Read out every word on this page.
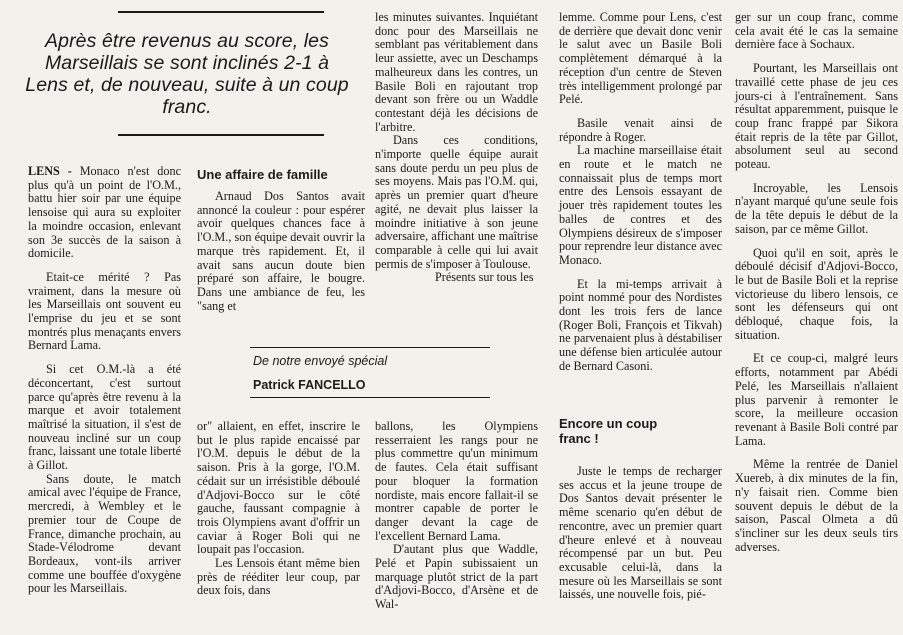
Après être revenus au score, les Marseillais se sont inclinés 2-1 à Lens et, de nouveau, suite à un coup franc.

LENS - Monaco n'est donc plus qu'à un point de l'O.M., battu hier soir par une équipe lensoise qui aura su exploiter la moindre occasion, enlevant son 3e succès de la saison à domicile.

Etait-ce mérité ? Pas vraiment, dans la mesure où les Marseillais ont souvent eu l'emprise du jeu et se sont montrés plus menaçants envers Bernard Lama.

Si cet O.M.-là a été déconcertant, c'est surtout parce qu'après être revenu à la marque et avoir totalement maîtrisé la situation, il s'est de nouveau incliné sur un coup franc, laissant une totale liberté à Gillot.

Sans doute, le match amical avec l'équipe de France, mercredi, à Wembley et le premier tour de Coupe de France, dimanche prochain, au Stade-Vélodrome devant Bordeaux, vont-ils arriver comme une bouffée d'oxygène pour les Marseillais.

Une affaire de famille

Arnaud Dos Santos avait annoncé la couleur : pour espérer avoir quelques chances face à l'O.M., son équipe devait ouvrir la marque très rapidement. Et, il avait sans aucun doute bien préparé son affaire, le bougre. Dans une ambiance de feu, les "sang et

les minutes suivantes. Inquiétant donc pour des Marseillais ne semblant pas véritablement dans leur assiette, avec un Deschamps malheureux dans les contres, un Basile Boli en rajoutant trop devant son frère ou un Waddle contestant déjà les décisions de l'arbitre.

Dans ces conditions, n'importe quelle équipe aurait sans doute perdu un peu plus de ses moyens. Mais pas l'O.M. qui, après un premier quart d'heure agité, ne devait plus laisser la moindre initiative à son jeune adversaire, affichant une maîtrise comparable à celle qui lui avait permis de s'imposer à Toulouse.

Présents sur tous les

De notre envoyé spécial
Patrick FANCELLO

or" allaient, en effet, inscrire le but le plus rapide encaissé par l'O.M. depuis le début de la saison. Pris à la gorge, l'O.M. cédait sur un irrésistible déboulé d'Adjovi-Bocco sur le côté gauche, faussant compagnie à trois Olympiens avant d'offrir un caviar à Roger Boli qui ne loupait pas l'occasion.

Les Lensois étant même bien près de rééditer leur coup, par deux fois, dans

ballons, les Olympiens resserraient les rangs pour ne plus commettre qu'un minimum de fautes. Cela était suffisant pour bloquer la formation nordiste, mais encore fallait-il se montrer capable de porter le danger devant la cage de l'excellent Bernard Lama.

D'autant plus que Waddle, Pelé et Papin subissaient un marquage plutôt strict de la part d'Adjovi-Bocco, d'Arsène et de Wal-

lemme. Comme pour Lens, c'est de derrière que devait donc venir le salut avec un Basile Boli complètement démarqué à la réception d'un centre de Steven très intelligemment prolongé par Pelé.

Basile venait ainsi de répondre à Roger.

La machine marseillaise était en route et le match ne connaissait plus de temps mort entre des Lensois essayant de jouer très rapidement toutes les balles de contres et des Olympiens désireux de s'imposer pour reprendre leur distance avec Monaco.

Et la mi-temps arrivait à point nommé pour des Nordistes dont les trois fers de lance (Roger Boli, François et Tikvah) ne parvenaient plus à déstabiliser une défense bien articulée autour de Bernard Casoni.

Encore un coup franc !

Juste le temps de recharger ses accus et la jeune troupe de Dos Santos devait présenter le même scenario qu'en début de rencontre, avec un premier quart d'heure enlevé et à nouveau récompensé par un but. Peu excusable celui-là, dans la mesure où les Marseillais se sont laissés, une nouvelle fois, pié-

ger sur un coup franc, comme cela avait été le cas la semaine dernière face à Sochaux.

Pourtant, les Marseillais ont travaillé cette phase de jeu ces jours-ci à l'entraînement. Sans résultat apparemment, puisque le coup franc frappé par Sikora était repris de la tête par Gillot, absolument seul au second poteau.

Incroyable, les Lensois n'ayant marqué qu'une seule fois de la tête depuis le début de la saison, par ce même Gillot.

Quoi qu'il en soit, après le déboulé décisif d'Adjovi-Bocco, le but de Basile Boli et la reprise victorieuse du libero lensois, ce sont les défenseurs qui ont débloqué, chaque fois, la situation.

Et ce coup-ci, malgré leurs efforts, notamment par Abédi Pelé, les Marseillais n'allaient plus parvenir à remonter le score, la meilleure occasion revenant à Basile Boli contré par Lama.

Même la rentrée de Daniel Xuereb, à dix minutes de la fin, n'y faisait rien. Comme bien souvent depuis le début de la saison, Pascal Olmeta a dû s'incliner sur les deux seuls tirs adverses.
